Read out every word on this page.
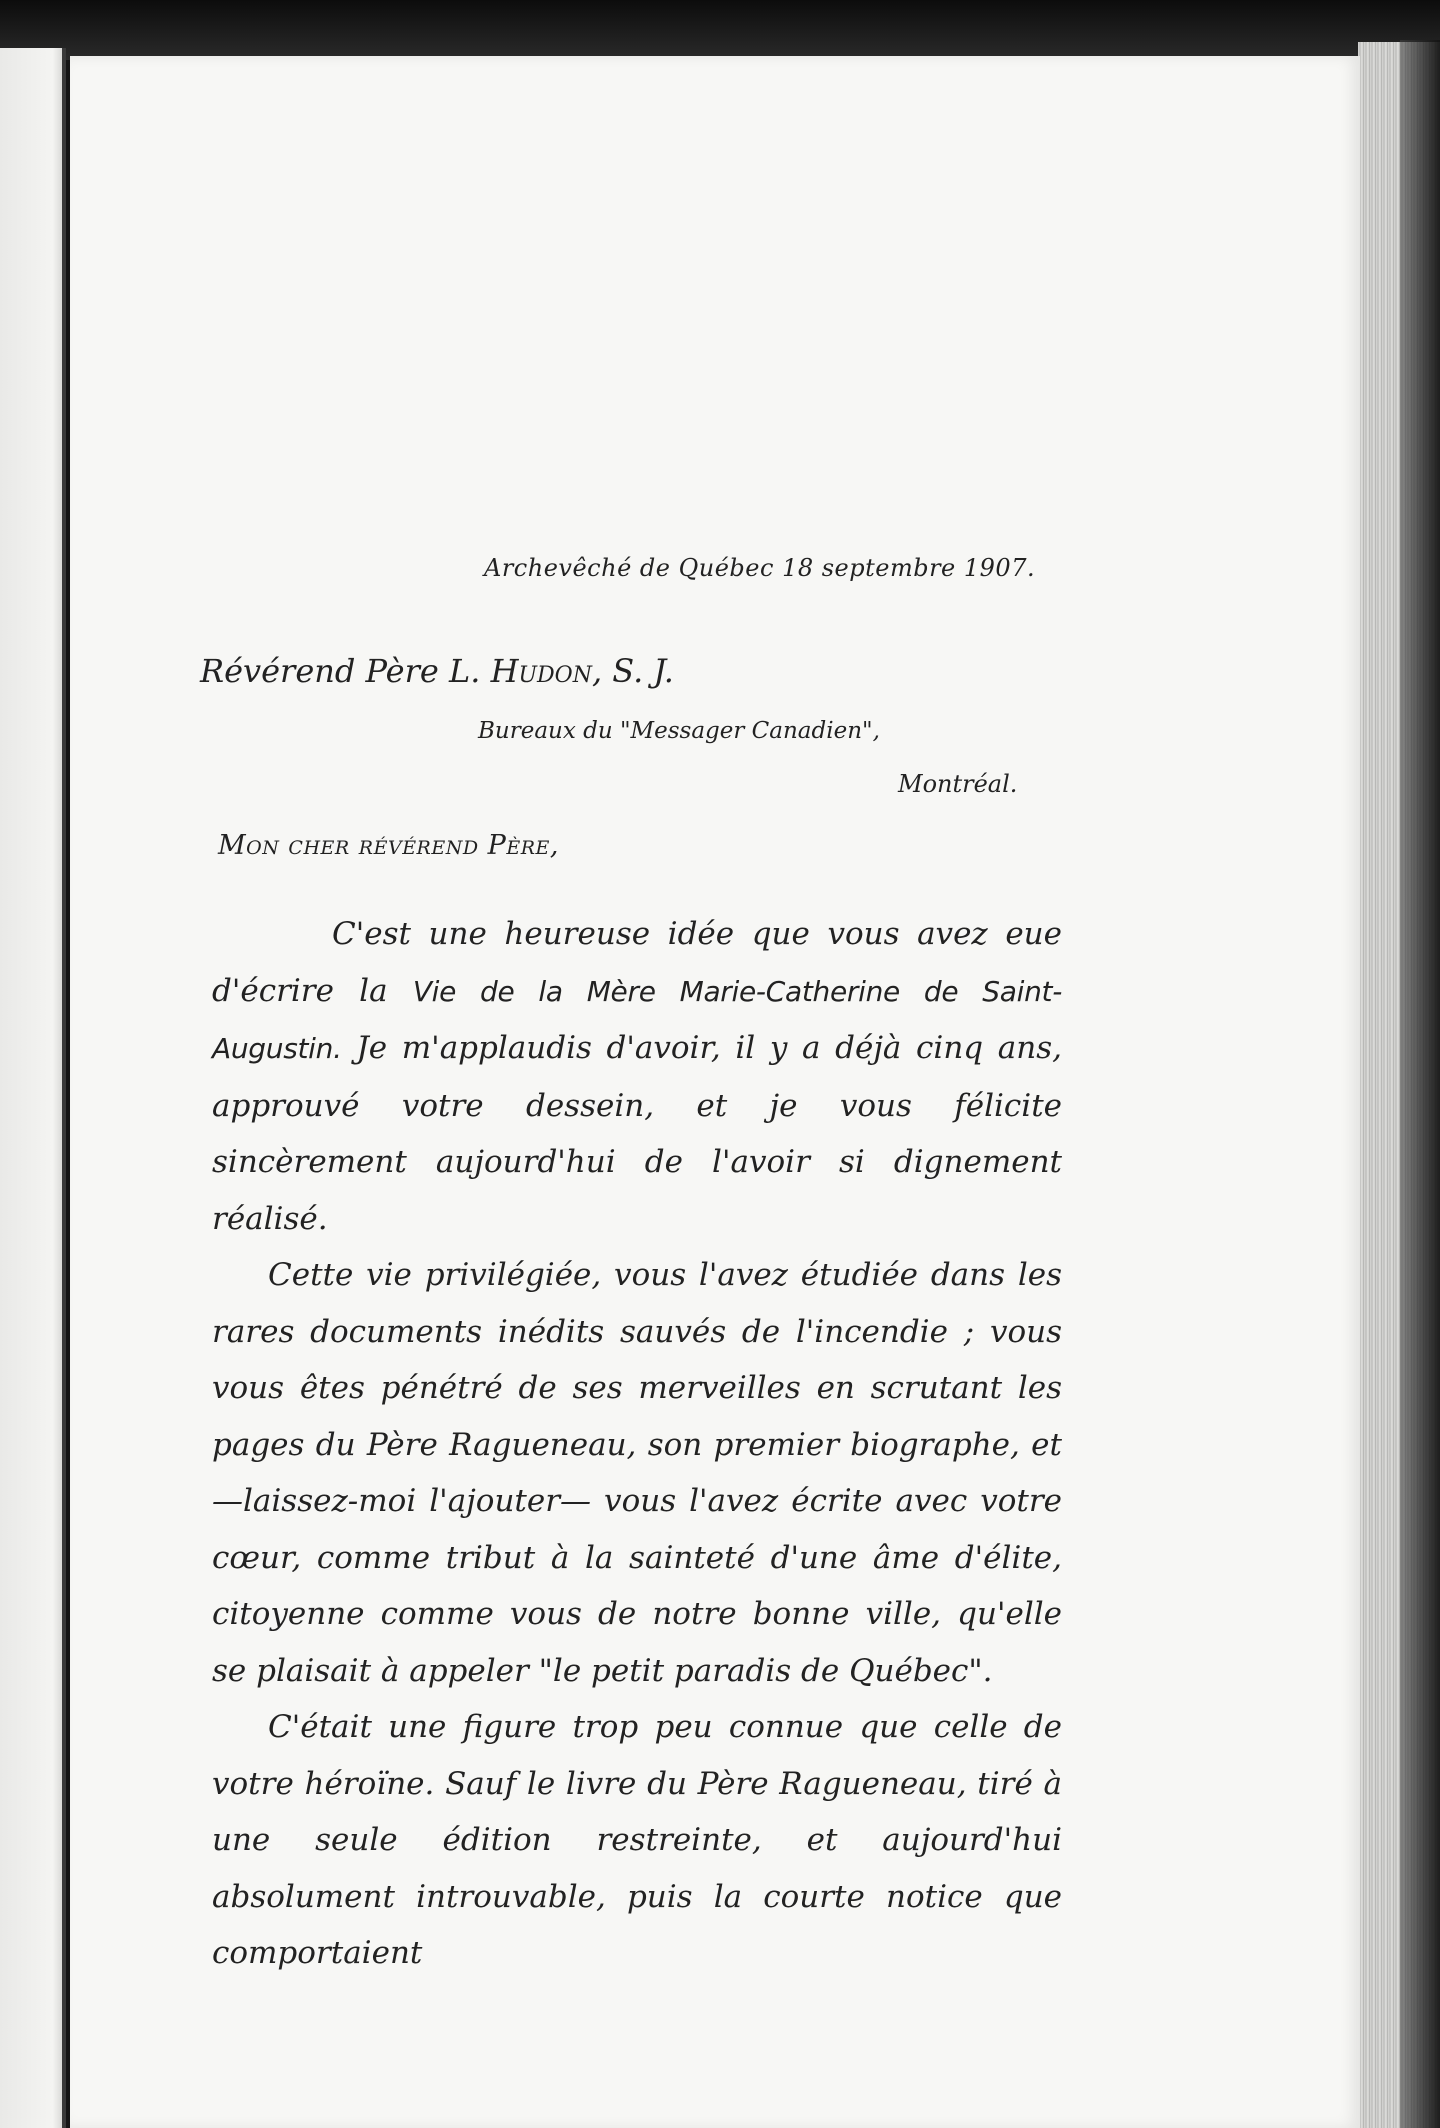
Archevêché de Québec 18 septembre 1907.
Révérend Père L. Hudon, S. J.
Bureaux du "Messager Canadien",
Montréal.
Mon cher révérend Père,

C'est une heureuse idée que vous avez eue d'écrire la Vie de la Mère Marie-Catherine de Saint-Augustin. Je m'applaudis d'avoir, il y a déjà cinq ans, approuvé votre dessein, et je vous félicite sincèrement aujourd'hui de l'avoir si dignement réalisé.

Cette vie privilégiée, vous l'avez étudiée dans les rares documents inédits sauvés de l'incendie ; vous vous êtes pénétré de ses merveilles en scrutant les pages du Père Ragueneau, son premier biographe, et —laissez-moi l'ajouter— vous l'avez écrite avec votre cœur, comme tribut à la sainteté d'une âme d'élite, citoyenne comme vous de notre bonne ville, qu'elle se plaisait à appeler "le petit paradis de Québec".

C'était une figure trop peu connue que celle de votre héroïne. Sauf le livre du Père Ragueneau, tiré à une seule édition restreinte, et aujourd'hui absolument introuvable, puis la courte notice que comportaient
